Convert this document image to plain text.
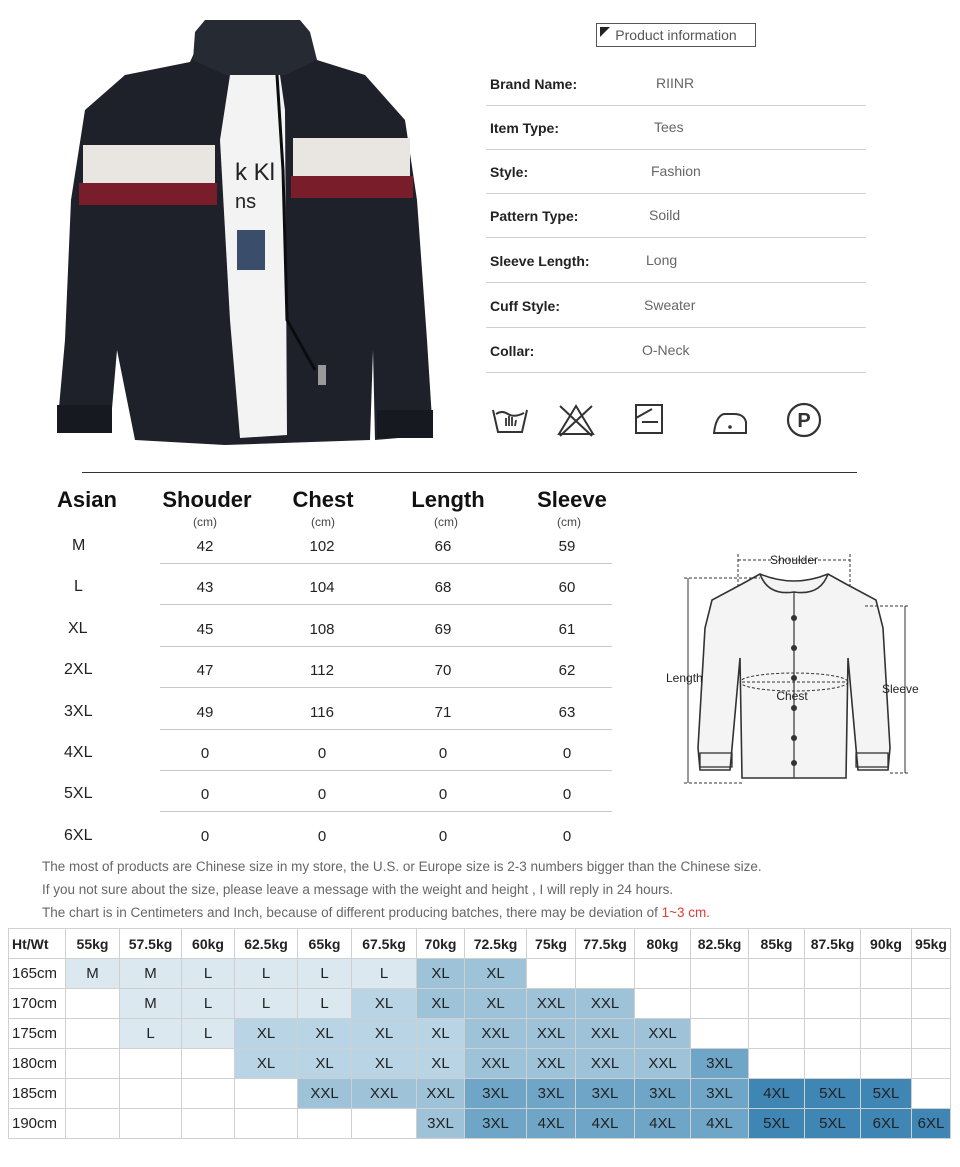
k Kl
ns
Product information
Brand Name:	RIINR
Item Type:	Tees
Style:	Fashion
Pattern Type:	Soild
Sleeve Length:	Long
Cuff Style:	Sweater
Collar:	O-Neck
P
Asian	Shouder	Chest	Length	Sleeve
(cm)	(cm)	(cm)	(cm)
M	42	102	66	59
L	43	104	68	60
XL	45	108	69	61
2XL	47	112	70	62
3XL	49	116	71	63
4XL	0	0	0	0
5XL	0	0	0	0
6XL	0	0	0	0
Shoulder
Chest
Length
Sleeve
The most of products are Chinese size in my store, the U.S. or Europe size is 2-3 numbers bigger than the Chinese size.
If you not sure about the size, please leave a message with the weight and height , I will reply in 24 hours.
The chart is in Centimeters and Inch, because of different producing batches, there may be deviation of 1~3 cm.
Ht/Wt	55kg	57.5kg	60kg	62.5kg	65kg	67.5kg	70kg	72.5kg	75kg	77.5kg	80kg	82.5kg	85kg	87.5kg	90kg	95kg
165cm	M	M	L	L	L	L	XL	XL								
170cm		M	L	L	L	XL	XL	XL	XXL	XXL						
175cm		L	L	XL	XL	XL	XL	XXL	XXL	XXL	XXL					
180cm				XL	XL	XL	XL	XXL	XXL	XXL	XXL	3XL				
185cm					XXL	XXL	XXL	3XL	3XL	3XL	3XL	3XL	4XL	5XL	5XL	
190cm							3XL	3XL	4XL	4XL	4XL	4XL	5XL	5XL	6XL	6XL
